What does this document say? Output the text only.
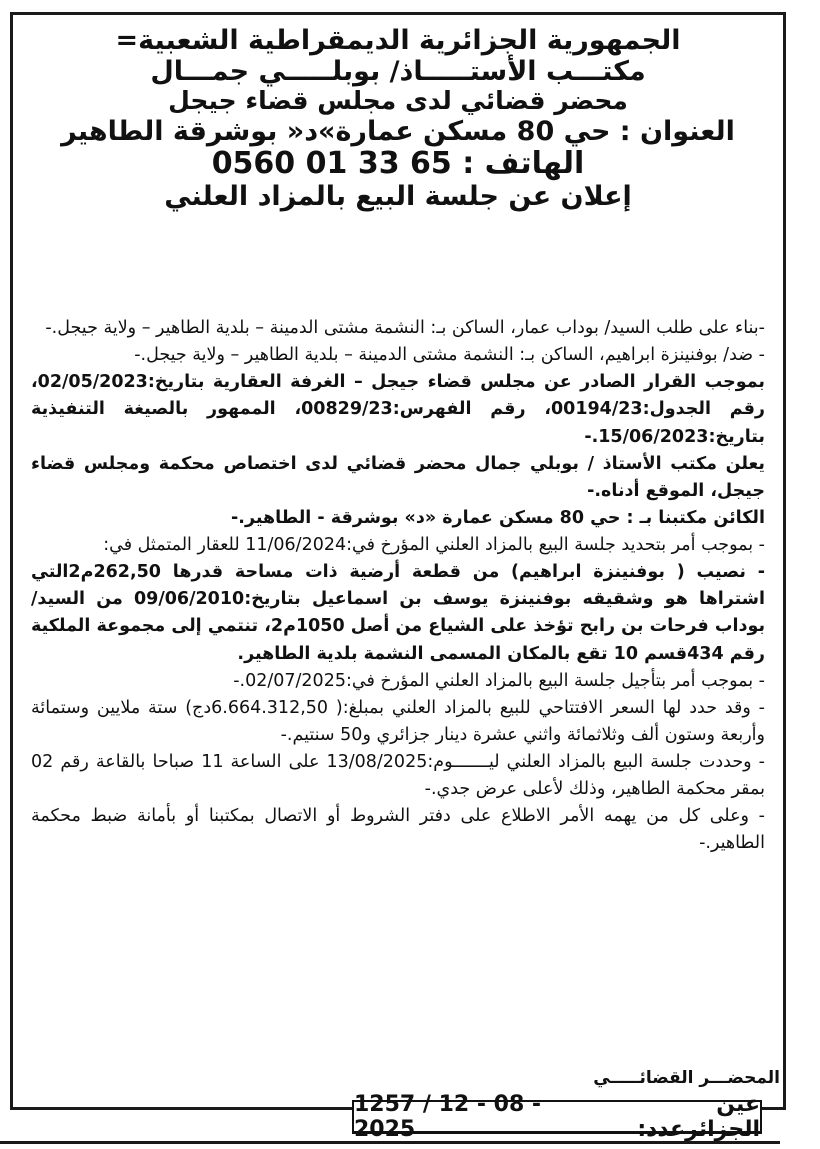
الجمهورية الجزائرية الديمقراطية الشعبية=

مكتـــب الأستـــــاذ/ بوبلـــــي جمـــال

محضر قضائي لدى مجلس قضاء جيجل

العنوان : حي 80 مسكن عمارة»د« بوشرقة الطاهير

الهاتف : 65 33 01 0560

إعلان عن جلسة البيع بالمزاد العلني

-بناء على طلب السيد/ بوداب عمار، الساكن بـ: النشمة مشتى الدمينة – بلدية الطاهير – ولاية جيجل.-

- ضد/ بوفنينزة ابراهيم، الساكن بـ: النشمة مشتى الدمينة – بلدية الطاهير – ولاية جيجل.-

بموجب القرار الصادر عن مجلس قضاء جيجل – الغرفة العقارية بتاريخ:02/05/2023، رقم الجدول:00194/23، رقم الفهرس:00829/23، الممهور بالصيغة التنفيذية بتاريخ:15/06/2023.-

يعلن مكتب الأستاذ / بوبلي جمال محضر قضائي لدى اختصاص محكمة ومجلس قضاء جيجل، الموقع أدناه.-

الكائن مكتبنا بـ : حي 80 مسكن عمارة «د» بوشرقة - الطاهير.-

- بموجب أمر بتحديد جلسة البيع بالمزاد العلني المؤرخ في:11/06/2024 للعقار المتمثل في:

- نصيب ( بوفنينزة ابراهيم) من قطعة أرضية ذات مساحة قدرها 262,50م2التي اشتراها هو وشقيقه بوفنينزة يوسف بن اسماعيل بتاريخ:09/06/2010 من السيد/ بوداب فرحات بن رابح تؤخذ على الشياع من أصل 1050م2، تنتمي إلى مجموعة الملكية رقم 434قسم 10 تقع بالمكان المسمى النشمة بلدية الطاهير.

- بموجب أمر بتأجيل جلسة البيع بالمزاد العلني المؤرخ في:02/07/2025.-

- وقد حدد لها السعر الافتتاحي للبيع بالمزاد العلني بمبلغ:( 6.664.312,50دج) ستة ملايين وستمائة وأربعة وستون ألف وثلاثمائة واثني عشرة دينار جزائري و50 سنتيم.-

- وحددت جلسة البيع بالمزاد العلني ليـــــــوم:13/08/2025 على الساعة 11 صباحا بالقاعة رقم 02 بمقر محكمة الطاهير، وذلك لأعلى عرض جدي.-

- وعلى كل من يهمه الأمر الاطلاع على دفتر الشروط أو الاتصال بمكتبنا أو بأمانة ضبط محكمة الطاهير.-

المحضـــر القضائـــــي
عين الجزائرعدد:
1257 / 12 - 08 - 2025
